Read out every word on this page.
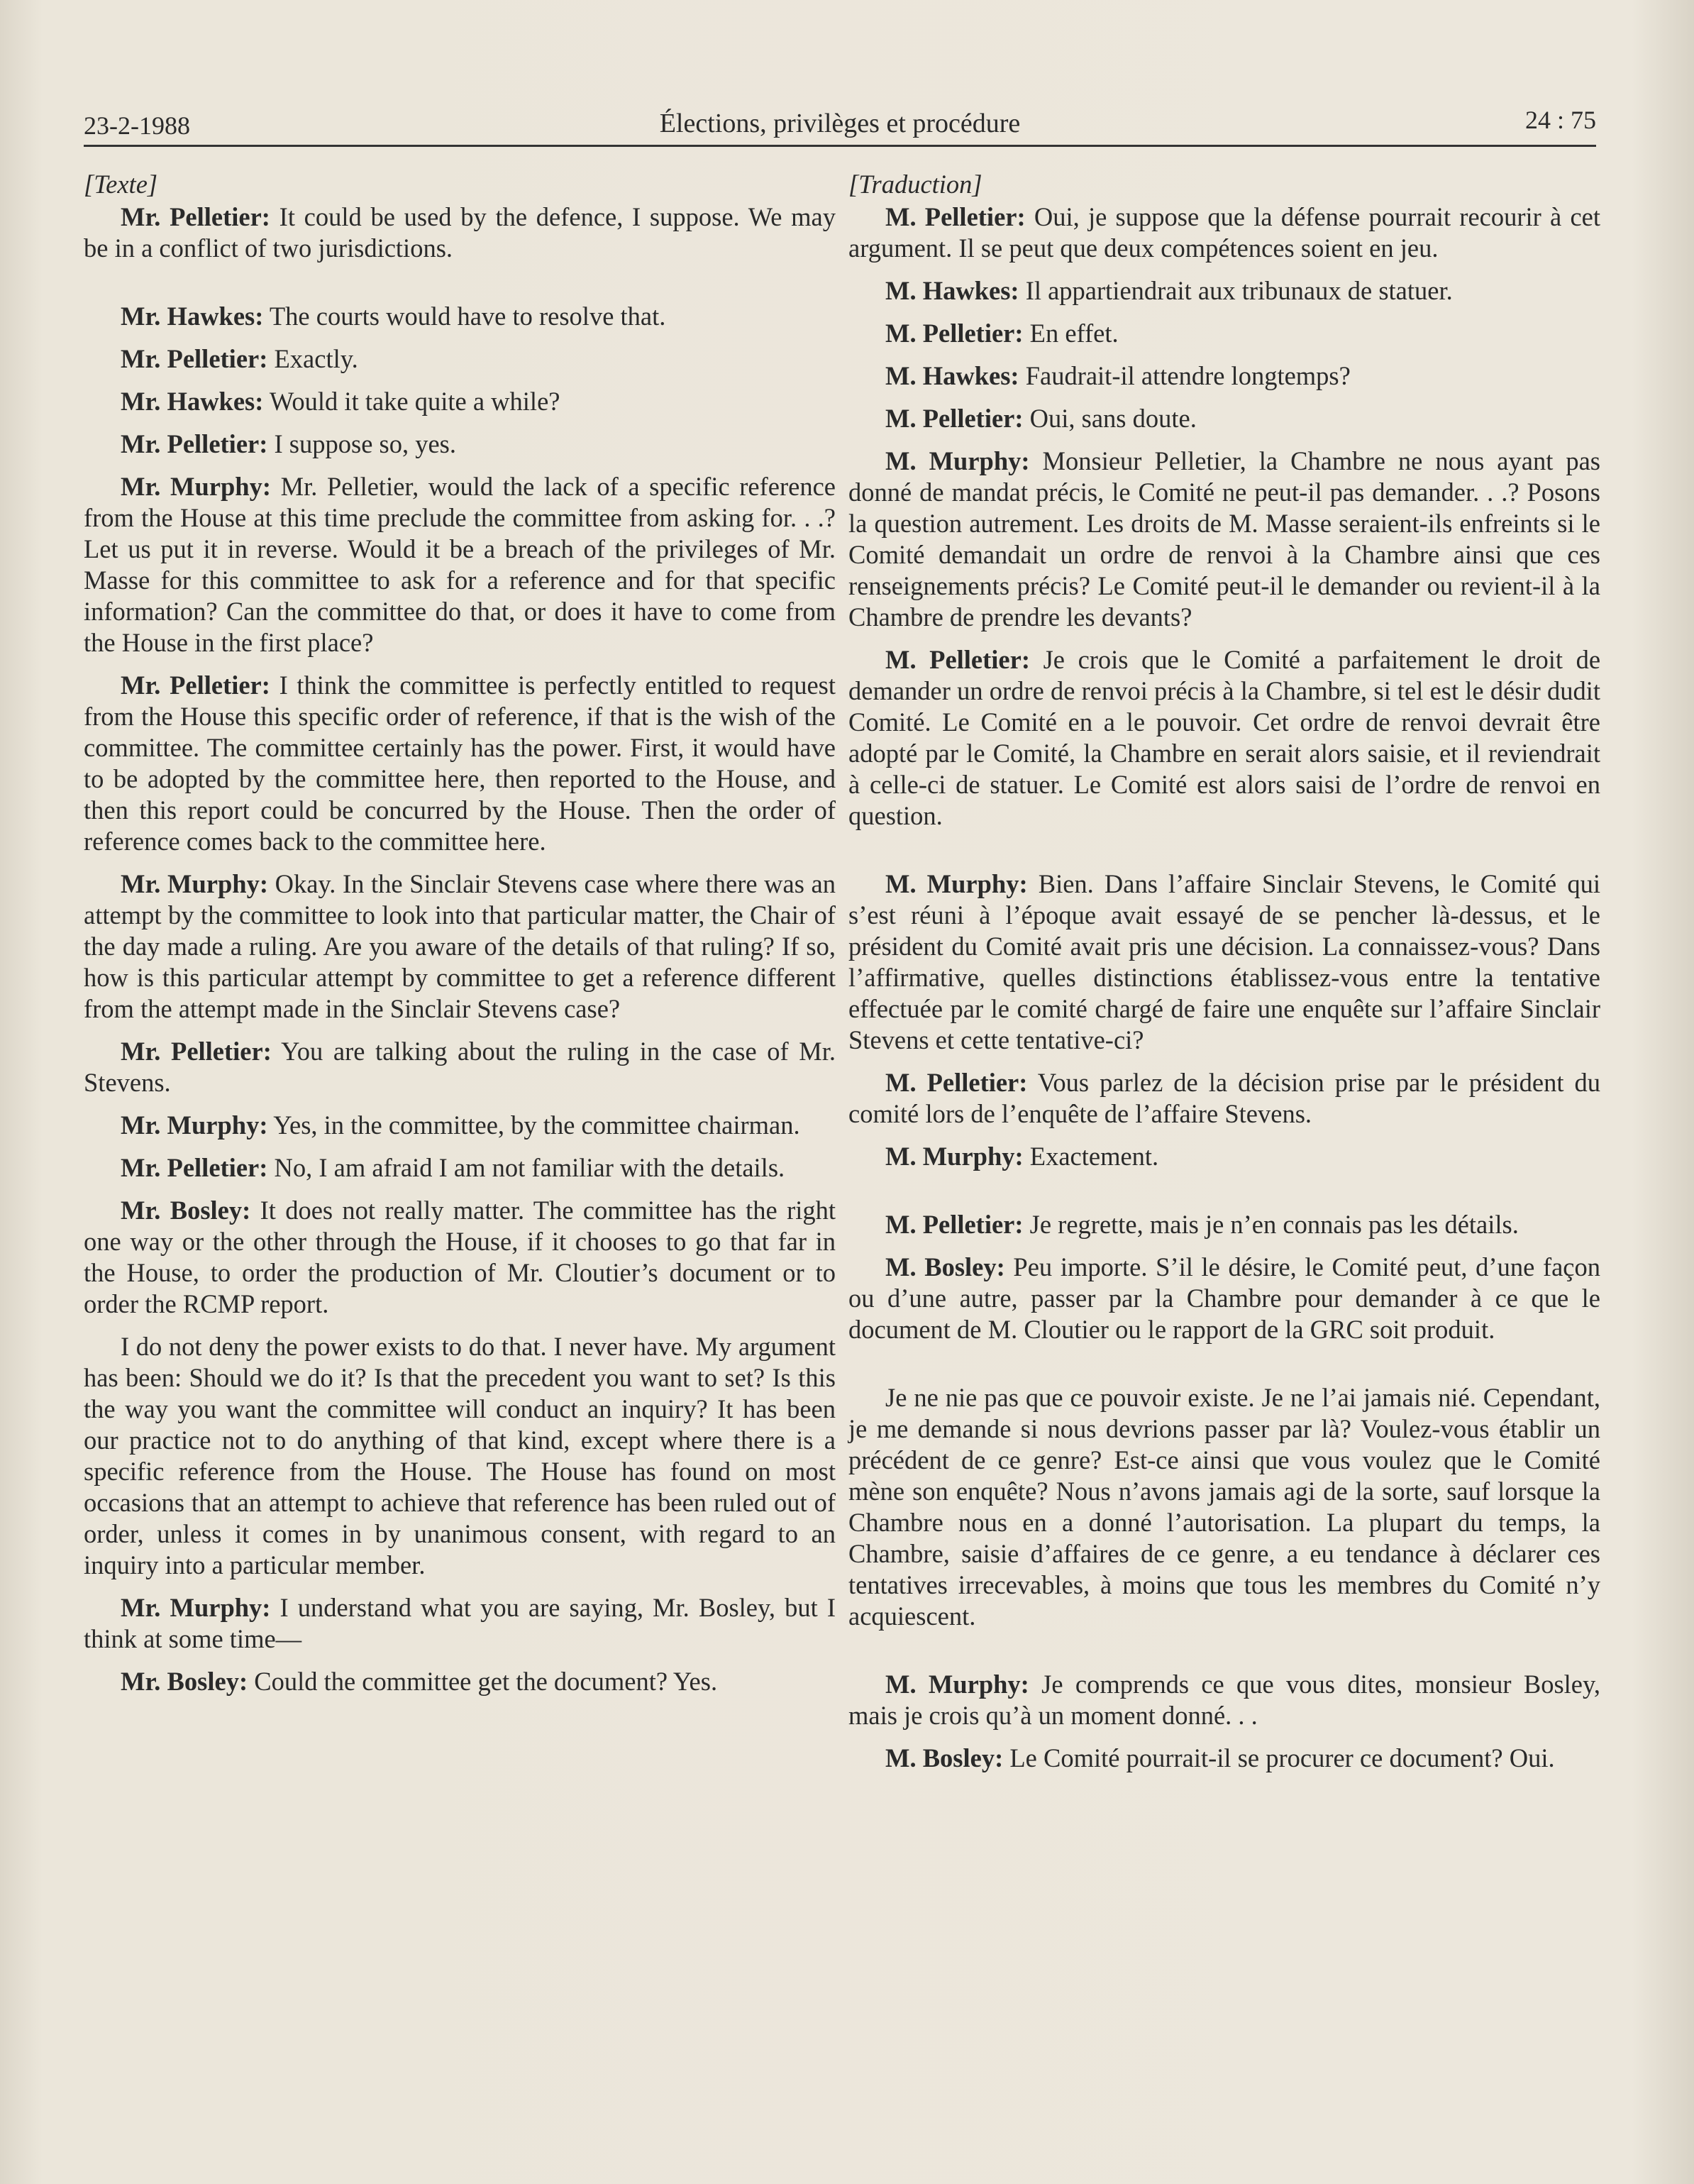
23-2-1988	Élections, privilèges et procédure	24 : 75

[Texte]

Mr. Pelletier: It could be used by the defence, I suppose. We may be in a conflict of two jurisdictions.

Mr. Hawkes: The courts would have to resolve that.

Mr. Pelletier: Exactly.

Mr. Hawkes: Would it take quite a while?

Mr. Pelletier: I suppose so, yes.

Mr. Murphy: Mr. Pelletier, would the lack of a specific reference from the House at this time preclude the committee from asking for. . .? Let us put it in reverse. Would it be a breach of the privileges of Mr. Masse for this committee to ask for a reference and for that specific information? Can the committee do that, or does it have to come from the House in the first place?

Mr. Pelletier: I think the committee is perfectly entitled to request from the House this specific order of reference, if that is the wish of the committee. The committee certainly has the power. First, it would have to be adopted by the committee here, then reported to the House, and then this report could be concurred by the House. Then the order of reference comes back to the committee here.

Mr. Murphy: Okay. In the Sinclair Stevens case where there was an attempt by the committee to look into that particular matter, the Chair of the day made a ruling. Are you aware of the details of that ruling? If so, how is this particular attempt by committee to get a reference different from the attempt made in the Sinclair Stevens case?

Mr. Pelletier: You are talking about the ruling in the case of Mr. Stevens.

Mr. Murphy: Yes, in the committee, by the committee chairman.

Mr. Pelletier: No, I am afraid I am not familiar with the details.

Mr. Bosley: It does not really matter. The committee has the right one way or the other through the House, if it chooses to go that far in the House, to order the production of Mr. Cloutier’s document or to order the RCMP report.

I do not deny the power exists to do that. I never have. My argument has been: Should we do it? Is that the precedent you want to set? Is this the way you want the committee will conduct an inquiry? It has been our practice not to do anything of that kind, except where there is a specific reference from the House. The House has found on most occasions that an attempt to achieve that reference has been ruled out of order, unless it comes in by unanimous consent, with regard to an inquiry into a particular member.

Mr. Murphy: I understand what you are saying, Mr. Bosley, but I think at some time—

Mr. Bosley: Could the committee get the document? Yes.

[Traduction]

M. Pelletier: Oui, je suppose que la défense pourrait recourir à cet argument. Il se peut que deux compétences soient en jeu.

M. Hawkes: Il appartiendrait aux tribunaux de statuer.

M. Pelletier: En effet.

M. Hawkes: Faudrait-il attendre longtemps?

M. Pelletier: Oui, sans doute.

M. Murphy: Monsieur Pelletier, la Chambre ne nous ayant pas donné de mandat précis, le Comité ne peut-il pas demander. . .? Posons la question autrement. Les droits de M. Masse seraient-ils enfreints si le Comité demandait un ordre de renvoi à la Chambre ainsi que ces renseignements précis? Le Comité peut-il le demander ou revient-il à la Chambre de prendre les devants?

M. Pelletier: Je crois que le Comité a parfaitement le droit de demander un ordre de renvoi précis à la Chambre, si tel est le désir dudit Comité. Le Comité en a le pouvoir. Cet ordre de renvoi devrait être adopté par le Comité, la Chambre en serait alors saisie, et il reviendrait à celle-ci de statuer. Le Comité est alors saisi de l’ordre de renvoi en question.

M. Murphy: Bien. Dans l’affaire Sinclair Stevens, le Comité qui s’est réuni à l’époque avait essayé de se pencher là-dessus, et le président du Comité avait pris une décision. La connaissez-vous? Dans l’affirmative, quelles distinctions établissez-vous entre la tentative effectuée par le comité chargé de faire une enquête sur l’affaire Sinclair Stevens et cette tentative-ci?

M. Pelletier: Vous parlez de la décision prise par le président du comité lors de l’enquête de l’affaire Stevens.

M. Murphy: Exactement.

M. Pelletier: Je regrette, mais je n’en connais pas les détails.

M. Bosley: Peu importe. S’il le désire, le Comité peut, d’une façon ou d’une autre, passer par la Chambre pour demander à ce que le document de M. Cloutier ou le rapport de la GRC soit produit.

Je ne nie pas que ce pouvoir existe. Je ne l’ai jamais nié. Cependant, je me demande si nous devrions passer par là? Voulez-vous établir un précédent de ce genre? Est-ce ainsi que vous voulez que le Comité mène son enquête? Nous n’avons jamais agi de la sorte, sauf lorsque la Chambre nous en a donné l’autorisation. La plupart du temps, la Chambre, saisie d’affaires de ce genre, a eu tendance à déclarer ces tentatives irrecevables, à moins que tous les membres du Comité n’y acquiescent.

M. Murphy: Je comprends ce que vous dites, monsieur Bosley, mais je crois qu’à un moment donné. . .

M. Bosley: Le Comité pourrait-il se procurer ce document? Oui.
